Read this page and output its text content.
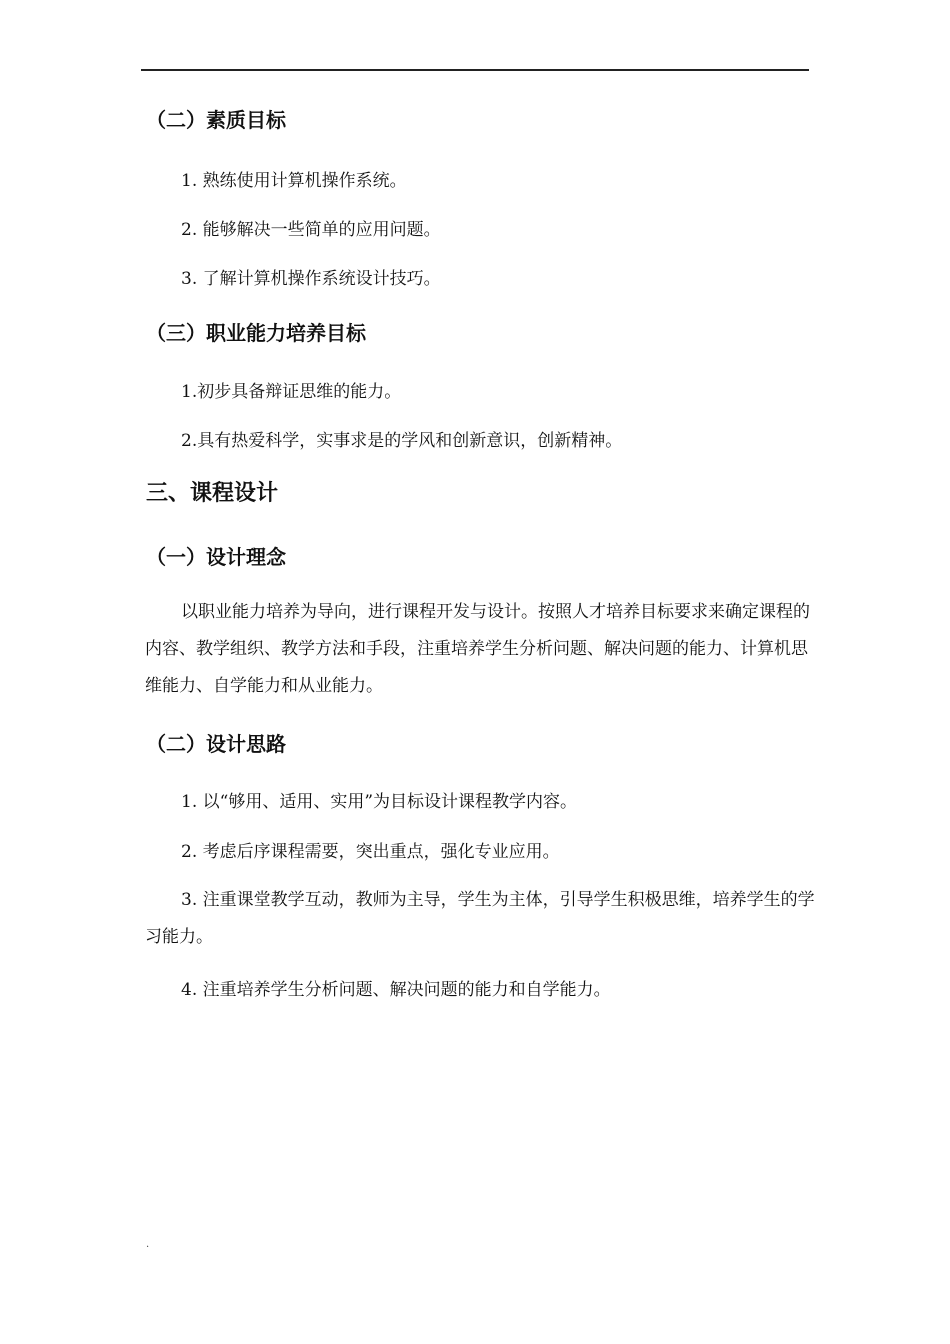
（二）素质目标
1. 熟练使用计算机操作系统。
2. 能够解决一些简单的应用问题。
3. 了解计算机操作系统设计技巧。
（三）职业能力培养目标
1.初步具备辩证思维的能力。
2.具有热爱科学，实事求是的学风和创新意识，创新精神。
三、课程设计
（一）设计理念

以职业能力培养为导向，进行课程开发与设计。按照人才培养目标要求来确定课程的内容、教学组织、教学方法和手段，注重培养学生分析问题、解决问题的能力、计算机思维能力、自学能力和从业能力。

（二）设计思路
1. 以“够用、适用、实用”为目标设计课程教学内容。
2. 考虑后序课程需要，突出重点，强化专业应用。

3. 注重课堂教学互动，教师为主导，学生为主体，引导学生积极思维，培养学生的学习能力。

4. 注重培养学生分析问题、解决问题的能力和自学能力。
.
